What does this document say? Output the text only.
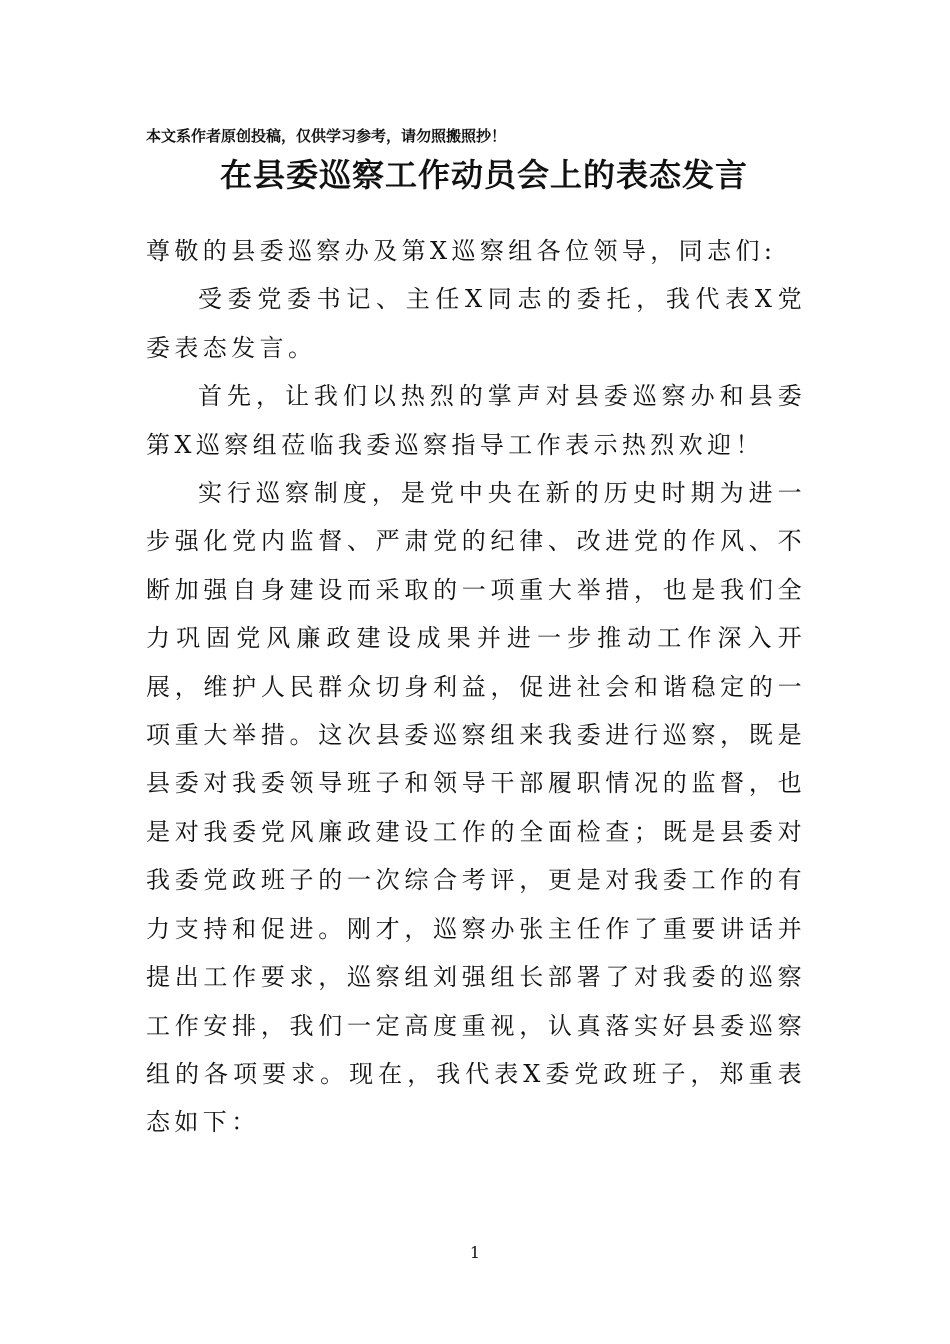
本文系作者原创投稿，仅供学习参考，请勿照搬照抄！
在县委巡察工作动员会上的表态发言

尊敬的县委巡察办及第X巡察组各位领导，同志们:

受委党委书记、主任X同志的委托，我代表X党委表态发言。

首先，让我们以热烈的掌声对县委巡察办和县委第X巡察组莅临我委巡察指导工作表示热烈欢迎！

实行巡察制度，是党中央在新的历史时期为进一步强化党内监督、严肃党的纪律、改进党的作风、不断加强自身建设而采取的一项重大举措，也是我们全力巩固党风廉政建设成果并进一步推动工作深入开展，维护人民群众切身利益，促进社会和谐稳定的一项重大举措。这次县委巡察组来我委进行巡察，既是县委对我委领导班子和领导干部履职情况的监督，也是对我委党风廉政建设工作的全面检查；既是县委对我委党政班子的一次综合考评，更是对我委工作的有力支持和促进。刚才，巡察办张主任作了重要讲话并提出工作要求，巡察组刘强组长部署了对我委的巡察工作安排，我们一定高度重视，认真落实好县委巡察组的各项要求。现在，我代表X委党政班子，郑重表态如下：

1
